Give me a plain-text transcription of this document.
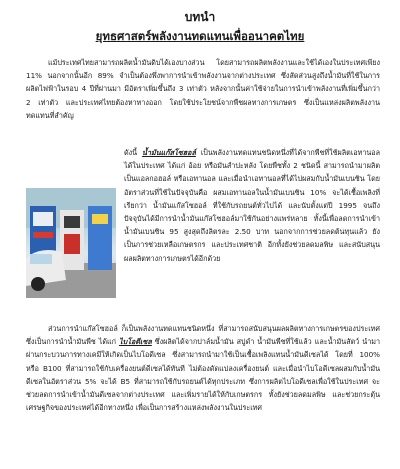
บทนำ

ยุทธศาสตร์พลังงานทดแทนเพื่ออนาคตไทย

แม้ประเทศไทยสามารถผลิตน้ำมันดิบได้เองบางส่วน โดยสามารถผลิตพลังงานและใช้ได้เองในประเทศเพียง 11% นอกจากนั้นอีก 89% จำเป็นต้องพึ่งพาการนำเข้าพลังงานจากต่างประเทศ ซึ่งสัดส่วนสูงถึงน้ำมันที่ใช้ในการผลิตไฟฟ้าในรอบ 4 ปีที่ผ่านมา มีอัตราเพิ่มขึ้นถึง 3 เท่าตัว หลังจากนั้นค่าใช้จ่ายในการนำเข้าพลังงานที่เพิ่มขึ้นกว่า 2 เท่าตัว และประเทศไทยต้องหาทางออก โดยใช้ประโยชน์จากพืชผลทางการเกษตร ซึ่งเป็นแหล่งผลิตพลังงานทดแทนที่สำคัญ

ดังนี้ น้ำมันแก๊สโซฮอล์ เป็นพลังงานทดแทนชนิดหนึ่งที่ได้จากพืชที่ใช้ผลิตเอทานอลได้ในประเทศ ได้แก่ อ้อย หรือมันสำปะหลัง โดยพืชทั้ง 2 ชนิดนี้ สามารถนำมาผลิตเป็นแอลกอฮอล์ หรือเอทานอล และเมื่อนำเอทานอลที่ได้ไปผสมกับน้ำมันเบนซิน โดยอัตราส่วนที่ใช้ในปัจจุบันคือ ผสมเอทานอลในน้ำมันเบนซิน 10% จะได้เชื้อเพลิงที่เรียกว่า น้ำมันแก๊สโซฮอล์ ที่ใช้กับรถยนต์ทั่วไปได้ และนับตั้งแต่ปี 1995 จนถึงปัจจุบันได้มีการนำน้ำมันแก๊สโซฮอล์มาใช้กันอย่างแพร่หลาย ทั้งนี้เพื่อลดการนำเข้าน้ำมันเบนซิน 95 สูงสุดถึงลิตรละ 2.50 บาท นอกจากการช่วยลดต้นทุนแล้ว ยังเป็นการช่วยเหลือเกษตรกร และประเทศชาติ อีกทั้งยังช่วยลดมลพิษ และสนับสนุนผลผลิตทางการเกษตรได้อีกด้วย

ส่วนการนำแก๊สโซฮอล์ ก็เป็นพลังงานทดแทนชนิดหนึ่ง ที่สามารถสนับสนุนผลผลิตทางการเกษตรของประเทศ ซึ่งเป็นการนำน้ำมันพืช ได้แก่ ไบโอดีเซล ซึ่งผลิตได้จากปาล์มน้ำมัน สบู่ดำ น้ำมันพืชที่ใช้แล้ว และน้ำมันสัตว์ นำมาผ่านกระบวนการทางเคมีให้เกิดเป็นไบโอดีเซล ซึ่งสามารถนำมาใช้เป็นเชื้อเพลิงแทนน้ำมันดีเซลได้ โดยที่ 100% หรือ B100 ที่สามารถใช้กับเครื่องยนต์ดีเซลได้ทันที ไม่ต้องดัดแปลงเครื่องยนต์ และเมื่อนำไบโอดีเซลผสมกับน้ำมันดีเซลในอัตราส่วน 5% จะได้ B5 ที่สามารถใช้กับรถยนต์ได้ทุกประเภท ซึ่งการผลิตไบโอดีเซลเพื่อใช้ในประเทศ จะช่วยลดการนำเข้าน้ำมันดีเซลจากต่างประเทศ และเพิ่มรายได้ให้กับเกษตรกร ทั้งยังช่วยลดมลพิษ และช่วยกระตุ้นเศรษฐกิจของประเทศได้อีกทางหนึ่ง เพื่อเป็นการสร้างแหล่งพลังงานในประเทศ
